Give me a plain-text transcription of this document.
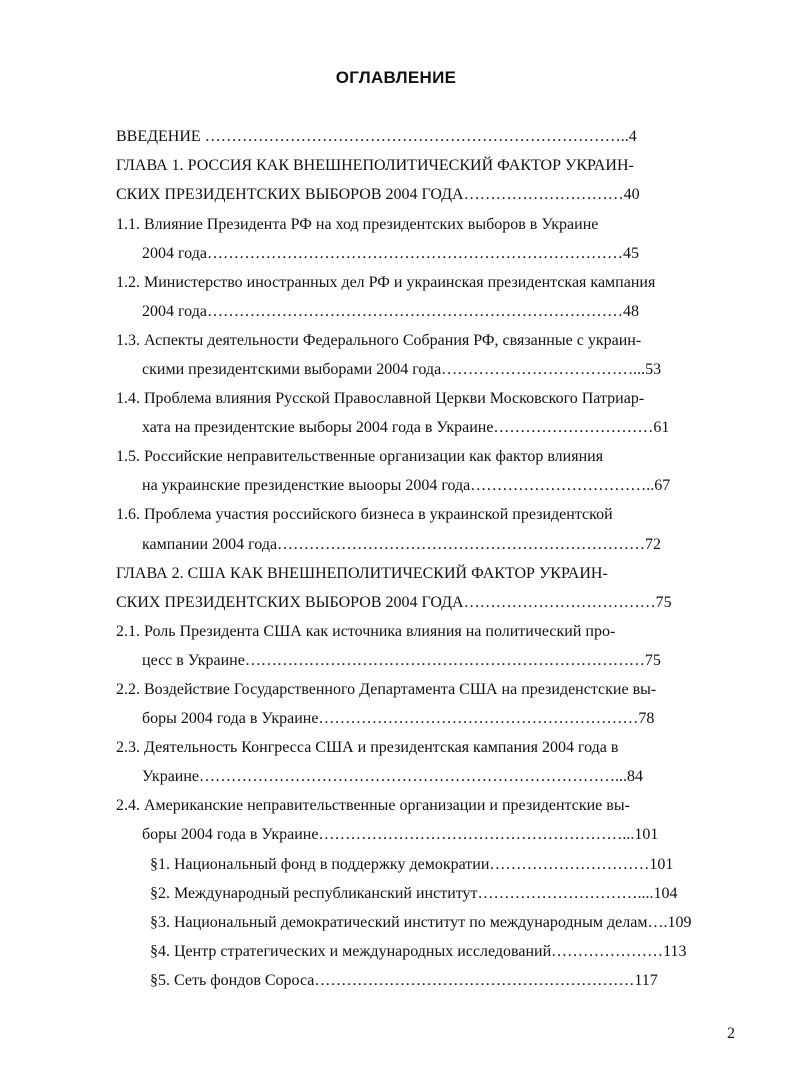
ОГЛАВЛЕНИЕ
ВВЕДЕНИЕ ……………………………………………………………………..4
ГЛАВА 1. РОССИЯ КАК ВНЕШНЕПОЛИТИЧЕСКИЙ ФАКТОР УКРАИН-
СКИХ ПРЕЗИДЕНТСКИХ ВЫБОРОВ 2004 ГОДА…………………………40
1.1. Влияние Президента РФ на ход президентских выборов в Украине
2004 года……………………………………………………………………45
1.2. Министерство иностранных дел РФ и украинская президентская кампания
2004 года……………………………………………………………………48
1.3. Аспекты деятельности Федерального Собрания РФ, связанные с украин-
скими президентскими выборами 2004 года………………………………...53
1.4. Проблема влияния Русской Православной Церкви Московского Патриар-
хата на президентские выборы 2004 года в Украине…………………………61
1.5. Российские неправительственные организации как фактор влияния
на украинские президенсткие выооры 2004 года……………………………..67
1.6. Проблема участия российского бизнеса в украинской президентской
кампании 2004 года……………………………………………………………72
ГЛАВА 2. США КАК ВНЕШНЕПОЛИТИЧЕСКИЙ ФАКТОР УКРАИН-
СКИХ ПРЕЗИДЕНТСКИХ ВЫБОРОВ 2004 ГОДА………………………………75
2.1. Роль Президента США как источника влияния на политический про-
цесс в Украине…………………………………………………………………75
2.2. Воздействие Государственного Департамента США на президенстские вы-
боры 2004 года в Украине……………………………………………………78
2.3. Деятельность Конгресса США и президентская кампания 2004 года в
Украине……………………………………………………………………...84
2.4. Американские неправительственные организации и президентские вы-
боры 2004 года в Украине…………………………………………………...101
§1. Национальный фонд в поддержку демократии…………………………101
§2. Международный республиканский институт…………………………....104
§3. Национальный демократический институт по международным делам….109
§4. Центр стратегических и международных исследований…………………113
§5. Сеть фондов Сороса……………………………………………………117
2
